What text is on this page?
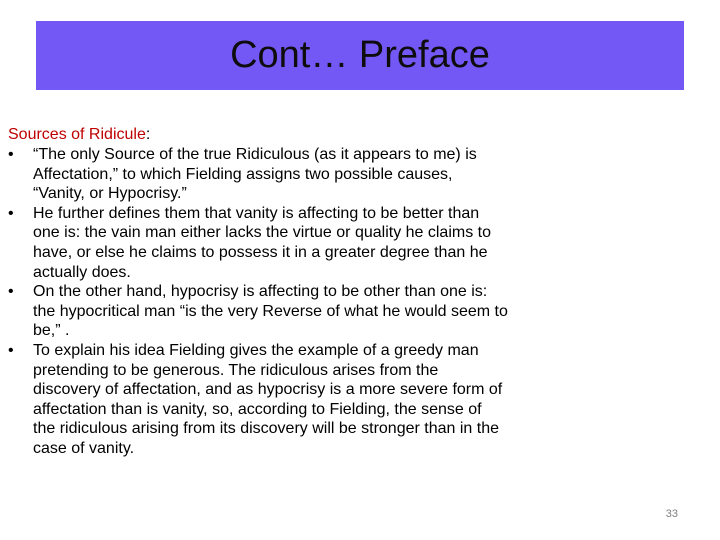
Cont… Preface
Sources of Ridicule:
•	“The only Source of the true Ridiculous (as it appears to me) is Affectation,” to which Fielding assigns two possible causes, “Vanity, or Hypocrisy.”
•	He further defines them that vanity is affecting to be better than one is: the vain man either lacks the virtue or quality he claims to have, or else he claims to possess it in a greater degree than he actually does.
•	On the other hand, hypocrisy is affecting to be other than one is: the hypocritical man “is the very Reverse of what he would seem to be,” .
•	To explain his idea Fielding gives the example of a greedy man pretending to be generous. The ridiculous arises from the discovery of affectation, and as hypocrisy is a more severe form of affectation than is vanity, so, according to Fielding, the sense of the ridiculous arising from its discovery will be stronger than in the case of vanity.
33
